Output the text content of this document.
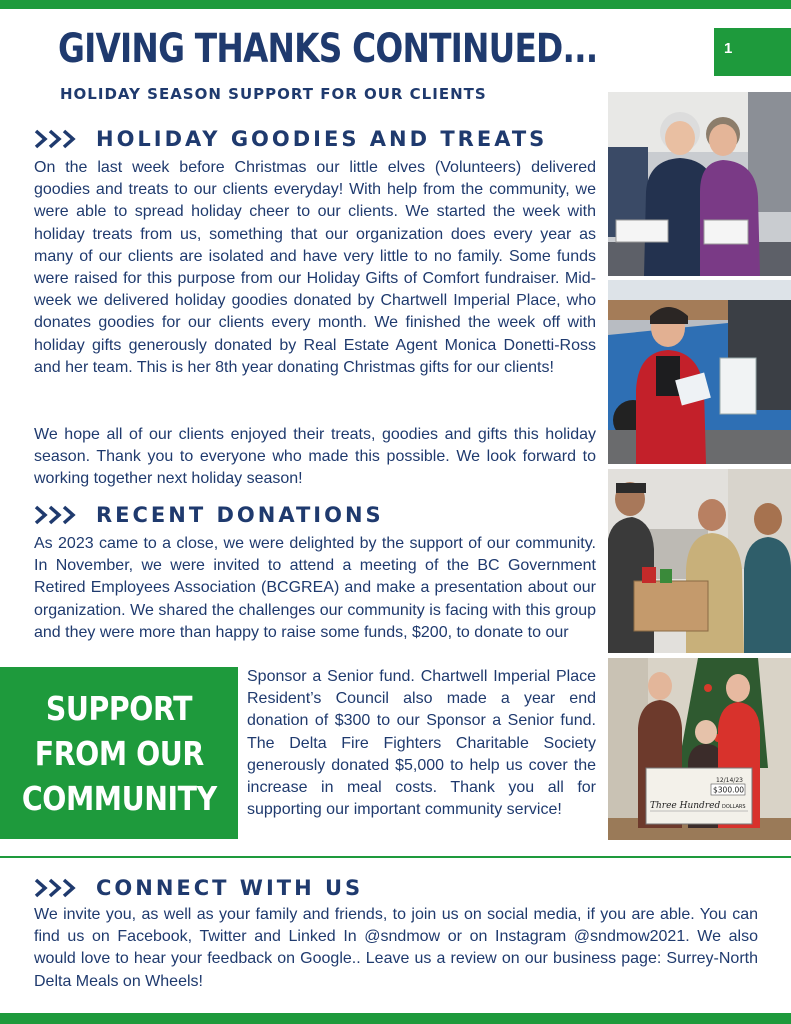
GIVING THANKS CONTINUED...

HOLIDAY SEASON SUPPORT FOR OUR CLIENTS

1
HOLIDAY GOODIES AND TREATS

On the last week before Christmas our little elves (Volunteers) delivered goodies and treats to our clients everyday! With help from the community, we were able to spread holiday cheer to our clients. We started the week with holiday treats from us, something that our organization does every year as many of our clients are isolated and have very little to no family. Some funds were raised for this purpose from our Holiday Gifts of Comfort fundraiser. Mid-week we delivered holiday goodies donated by Chartwell Imperial Place, who donates goodies for our clients every month. We finished the week off with holiday gifts generously donated by Real Estate Agent Monica Donetti-Ross and her team. This is her 8th year donating Christmas gifts for our clients!

We hope all of our clients enjoyed their treats, goodies and gifts this holiday season. Thank you to everyone who made this possible. We look forward to working together next holiday season!

RECENT DONATIONS

As 2023 came to a close, we were delighted by the support of our community. In November, we were invited to attend a meeting of the BC Government Retired Employees Association (BCGREA) and make a presentation about our organization. We shared the challenges our community is facing with this group and they were more than happy to raise some funds, $200, to donate to our

SUPPORT
FROM OUR
COMMUNITY

Sponsor a Senior fund. Chartwell Imperial Place Resident’s Council also made a year end donation of $300 to our Sponsor a Senior fund. The Delta Fire Fighters Charitable Society generously donated $5,000 to help us cover the increase in meal costs. Thank you all for supporting our important community service!

12/14/23
$300.00
Three Hundred DOLLARS
CONNECT WITH US

We invite you, as well as your family and friends, to join us on social media, if you are able. You can find us on Facebook, Twitter and Linked In @sndmow or on Instagram @sndmow2021. We also would love to hear your feedback on Google.. Leave us a review on our business page: Surrey-North Delta Meals on Wheels!
